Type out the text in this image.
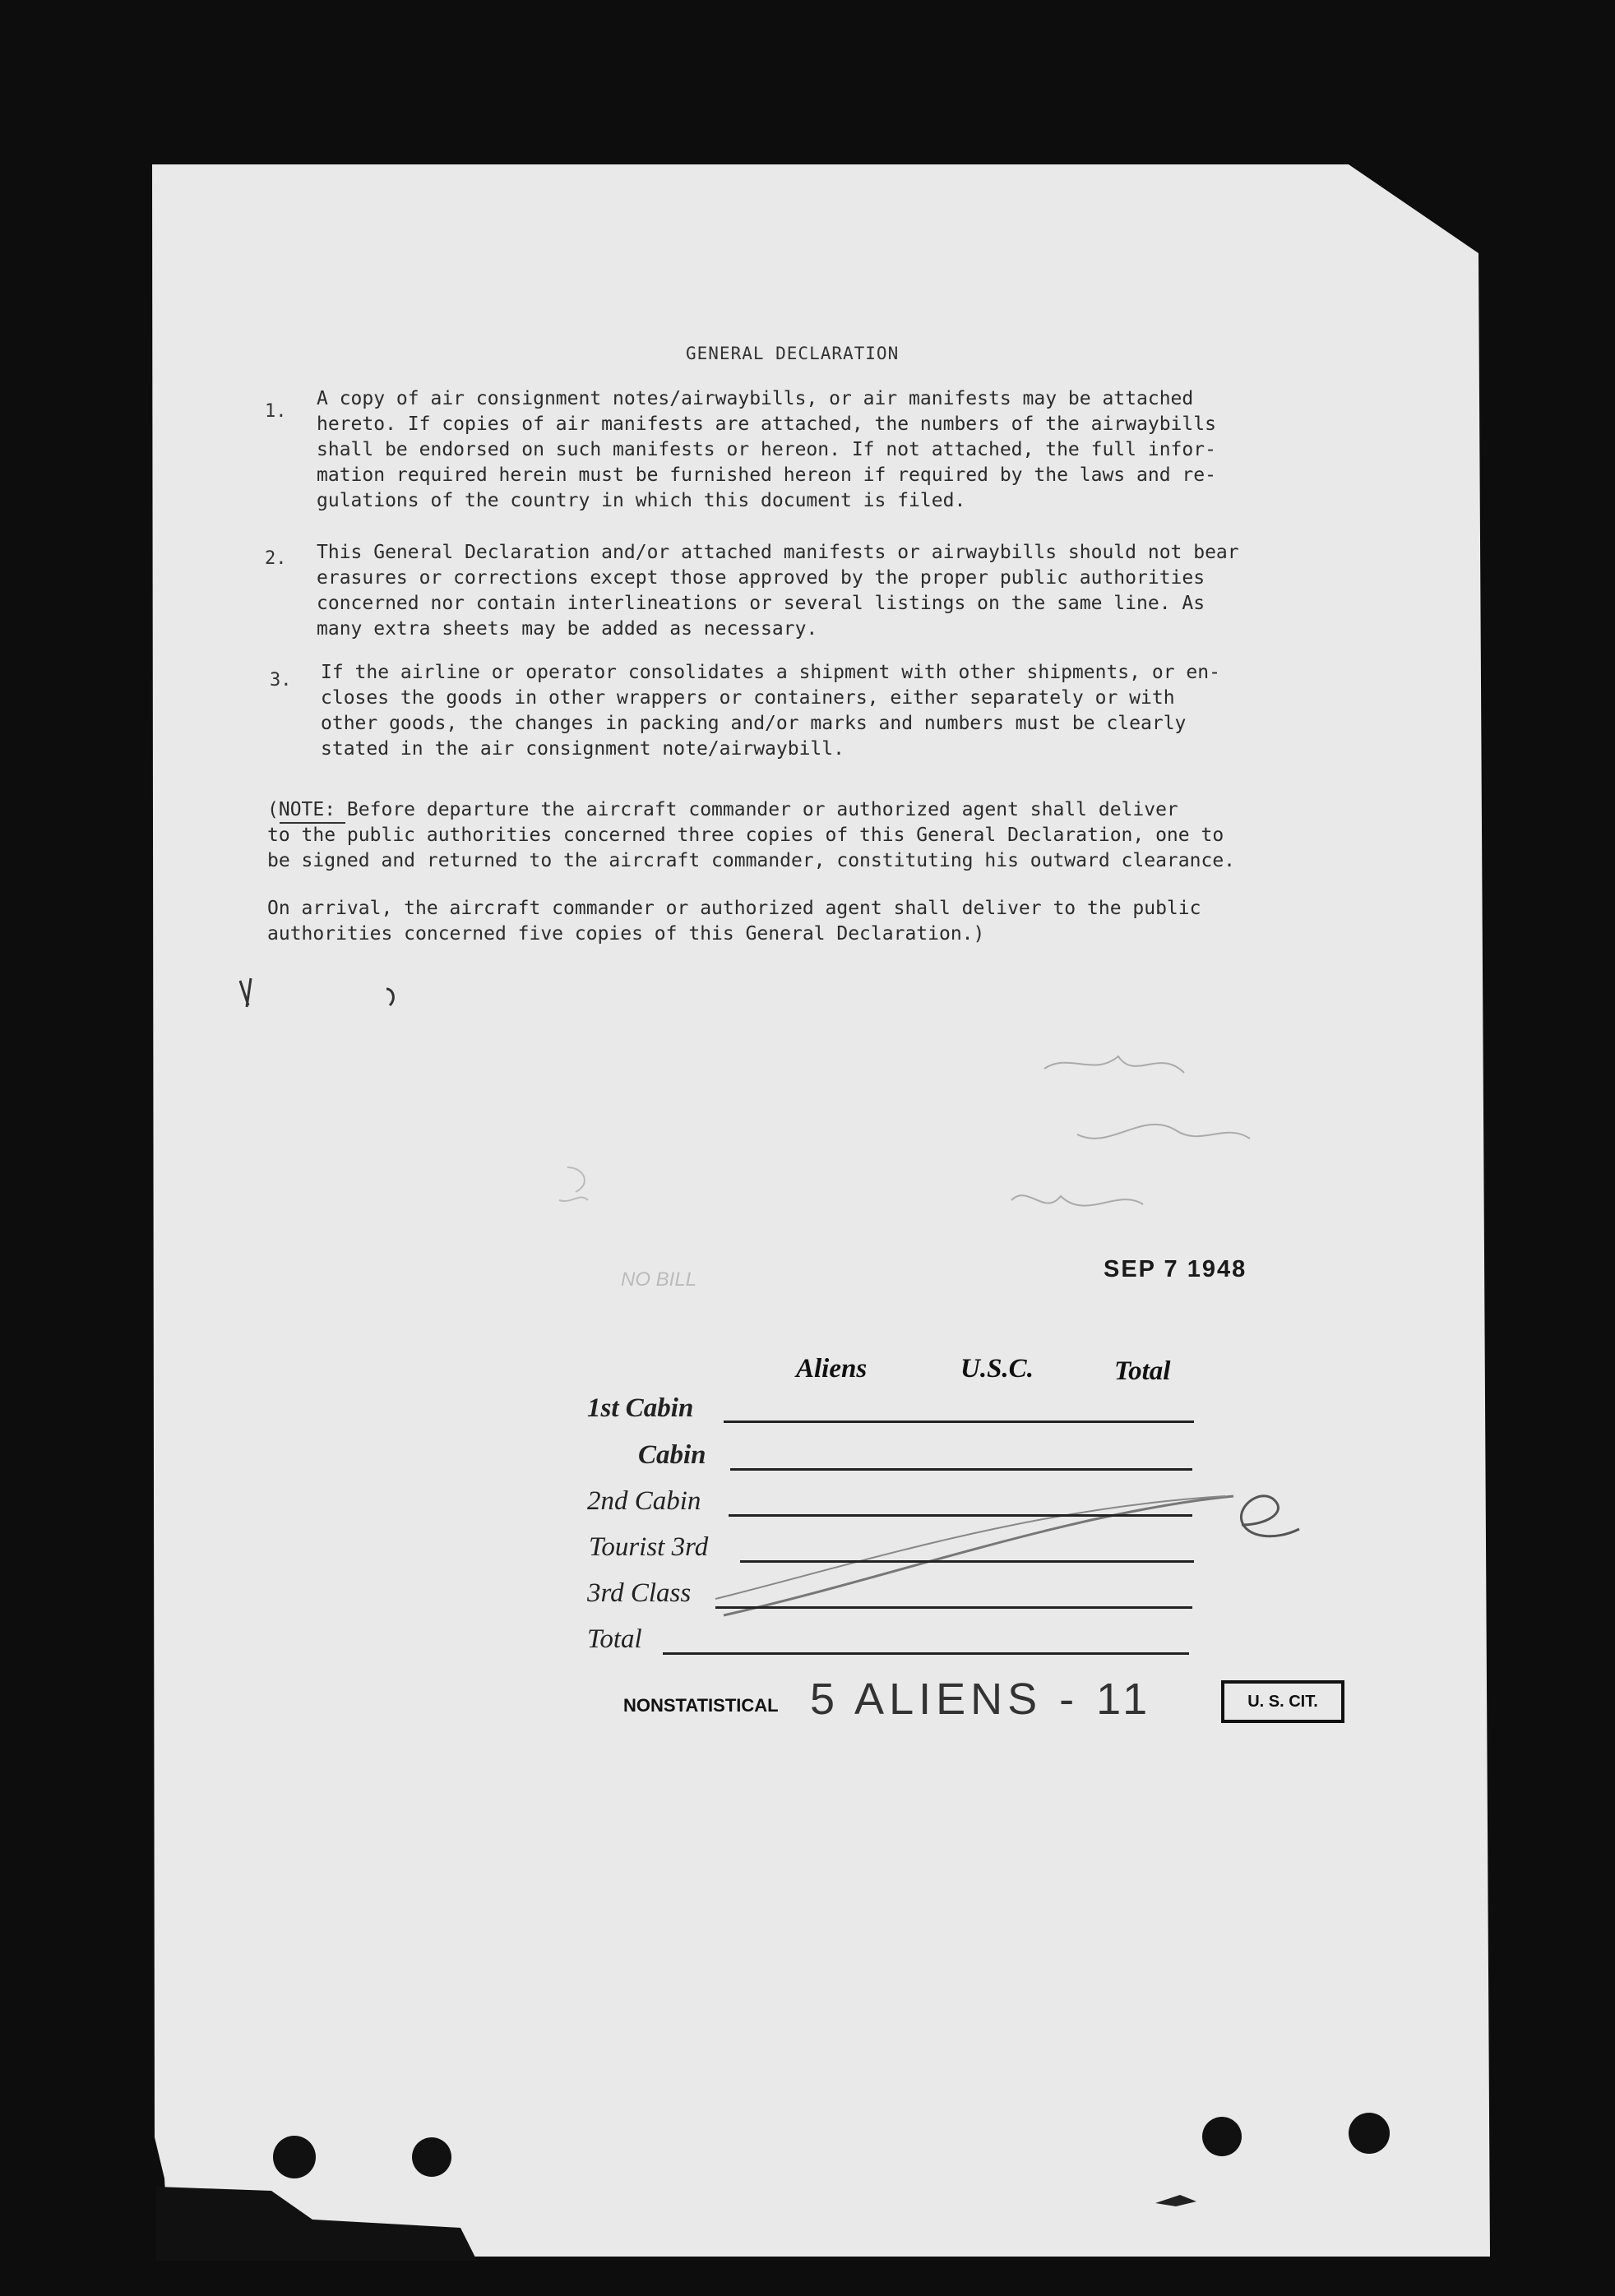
GENERAL DECLARATION
1.
A copy of air consignment notes/airwaybills, or air manifests may be attached
hereto. If copies of air manifests are attached, the numbers of the airwaybills
shall be endorsed on such manifests or hereon. If not attached, the full infor-
mation required herein must be furnished hereon if required by the laws and re-
gulations of the country in which this document is filed.
2. This General Declaration and/or attached manifests or airwaybills should not bear
erasures or corrections except those approved by the proper public authorities
concerned nor contain interlineations or several listings on the same line. As
many extra sheets may be added as necessary.
3. If the airline or operator consolidates a shipment with other shipments, or en-
closes the goods in other wrappers or containers, either separately or with
other goods, the changes in packing and/or marks and numbers must be clearly
stated in the air consignment note/airwaybill.
(NOTE: Before departure the aircraft commander or authorized agent shall deliver
to the public authorities concerned three copies of this General Declaration, one to
be signed and returned to the aircraft commander, constituting his outward clearance.
On arrival, the aircraft commander or authorized agent shall deliver to the public
authorities concerned five copies of this General Declaration.)
NO BILL	SEP 7 1948
Aliens	U.S.C.	Total
1st Cabin
Cabin
2nd Cabin
Tourist 3rd
3rd Class
Total
NONSTATISTICAL 5 ALIENS - 11	U. S. CIT.
